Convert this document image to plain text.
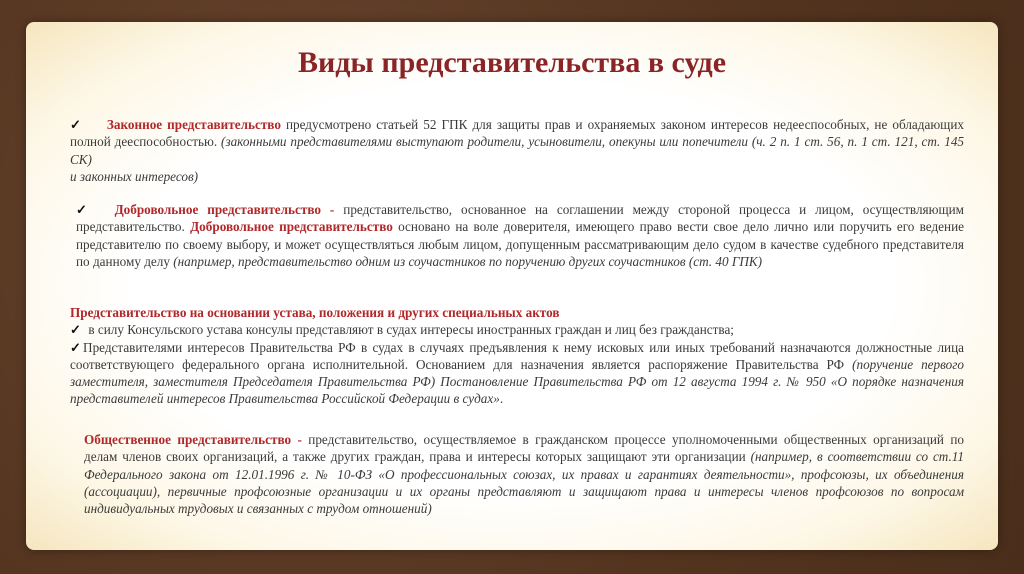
Виды представительства в суде

✓ Законное представительство предусмотрено статьей 52 ГПК для защиты прав и охраняемых законом интересов недееспособных, не обладающих полной дееспособностью. (законными представителями выступают родители, усыновители, опекуны или попечители (ч. 2 п. 1 ст. 56, п. 1 ст. 121, ст. 145 СК)

и законных интересов)

✓ Добровольное представительство - представительство, основанное на соглашении между стороной процесса и лицом, осуществляющим представительство. Добровольное представительство основано на воле доверителя, имеющего право вести свое дело лично или поручить его ведение представителю по своему выбору, и может осуществляться любым лицом, допущенным рассматривающим дело судом в качестве судебного представителя по данному делу (например, представительство одним из соучастников по поручению других соучастников (ст. 40 ГПК)

Представительство на основании устава, положения и других специальных актов

✓ в силу Консульского устава консулы представляют в судах интересы иностранных граждан и лиц без гражданства;

✓Представителями интересов Правительства РФ в судах в случаях предъявления к нему исковых или иных требований назначаются должностные лица соответствующего федерального органа исполнительной. Основанием для назначения является распоряжение Правительства РФ (поручение первого заместителя, заместителя Председателя Правительства РФ) Постановление Правительства РФ от 12 августа 1994 г. № 950 «О порядке назначения представителей интересов Правительства Российской Федерации в судах».

Общественное представительство - представительство, осуществляемое в гражданском процессе уполномоченными общественных организаций по делам членов своих организаций, а также других граждан, права и интересы которых защищают эти организации (например, в соответствии со ст.11 Федерального закона от 12.01.1996 г. № 10-ФЗ «О профессиональных союзах, их правах и гарантиях деятельности», профсоюзы, их объединения (ассоциации), первичные профсоюзные организации и их органы представляют и защищают права и интересы членов профсоюзов по вопросам индивидуальных трудовых и связанных с трудом отношений)
